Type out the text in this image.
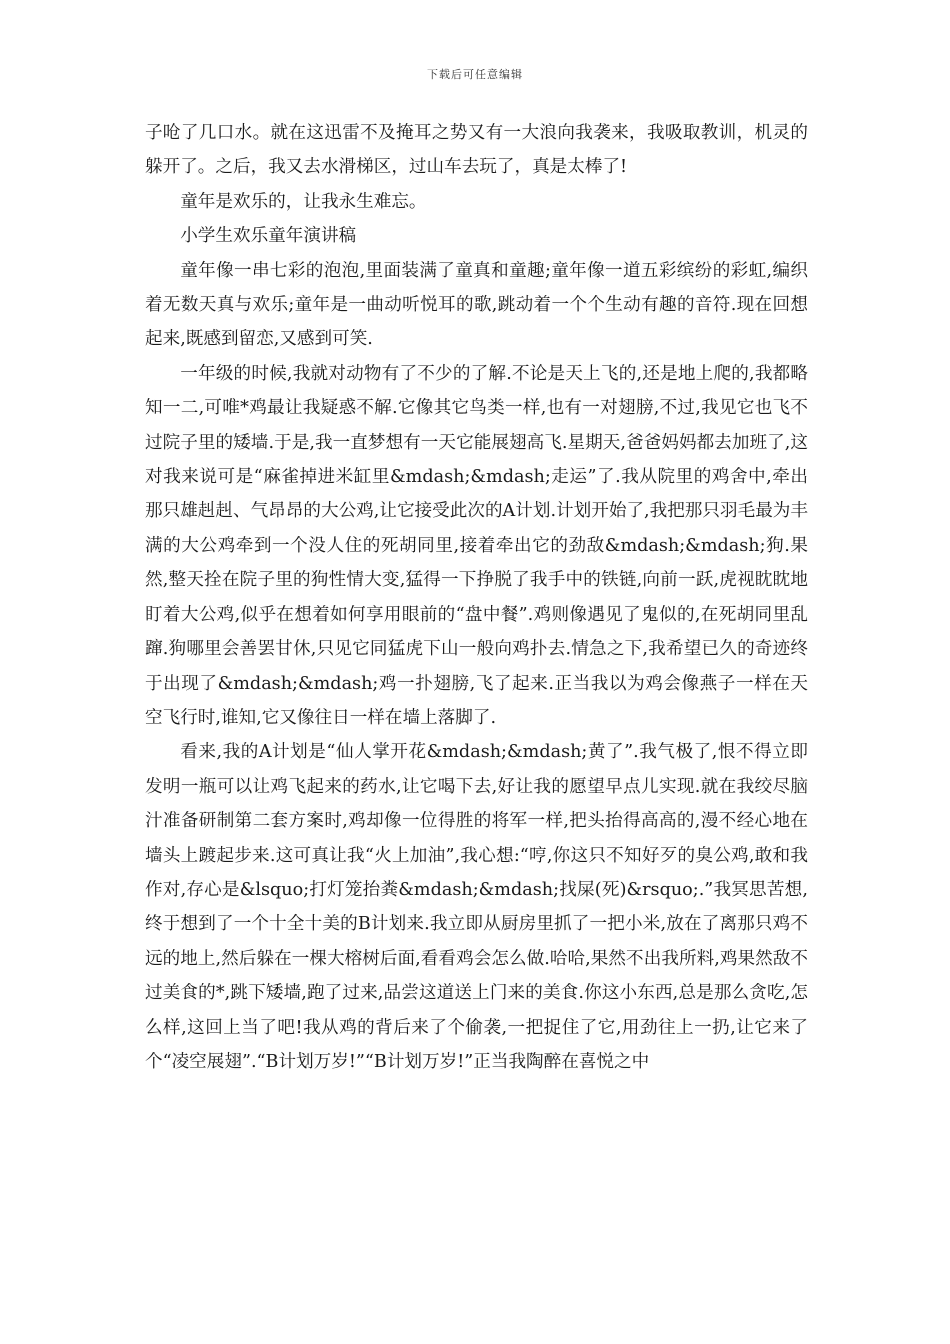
下载后可任意编辑

子呛了几口水。就在这迅雷不及掩耳之势又有一大浪向我袭来，我吸取教训，机灵的躲开了。之后，我又去水滑梯区，过山车去玩了，真是太棒了!

童年是欢乐的，让我永生难忘。

小学生欢乐童年演讲稿

童年像一串七彩的泡泡,里面装满了童真和童趣;童年像一道五彩缤纷的彩虹,编织着无数天真与欢乐;童年是一曲动听悦耳的歌,跳动着一个个生动有趣的音符.现在回想起来,既感到留恋,又感到可笑.

一年级的时候,我就对动物有了不少的了解.不论是天上飞的,还是地上爬的,我都略知一二,可唯*鸡最让我疑惑不解.它像其它鸟类一样,也有一对翅膀,不过,我见它也飞不过院子里的矮墙.于是,我一直梦想有一天它能展翅高飞.星期天,爸爸妈妈都去加班了,这对我来说可是“麻雀掉进米缸里&mdash;&mdash;走运”了.我从院里的鸡舍中,牵出那只雄赳赳、气昂昂的大公鸡,让它接受此次的A计划.计划开始了,我把那只羽毛最为丰满的大公鸡牵到一个没人住的死胡同里,接着牵出它的劲敌&mdash;&mdash;狗.果然,整天拴在院子里的狗性情大变,猛得一下挣脱了我手中的铁链,向前一跃,虎视眈眈地盯着大公鸡,似乎在想着如何享用眼前的“盘中餐”.鸡则像遇见了鬼似的,在死胡同里乱蹿.狗哪里会善罢甘休,只见它同猛虎下山一般向鸡扑去.情急之下,我希望已久的奇迹终于出现了&mdash;&mdash;鸡一扑翅膀,飞了起来.正当我以为鸡会像燕子一样在天空飞行时,谁知,它又像往日一样在墙上落脚了.

看来,我的A计划是“仙人掌开花&mdash;&mdash;黄了”.我气极了,恨不得立即发明一瓶可以让鸡飞起来的药水,让它喝下去,好让我的愿望早点儿实现.就在我绞尽脑汁准备研制第二套方案时,鸡却像一位得胜的将军一样,把头抬得高高的,漫不经心地在墙头上踱起步来.这可真让我“火上加油”,我心想:“哼,你这只不知好歹的臭公鸡,敢和我作对,存心是&lsquo;打灯笼抬粪&mdash;&mdash;找屎(死)&rsquo;.”我冥思苦想,终于想到了一个十全十美的B计划来.我立即从厨房里抓了一把小米,放在了离那只鸡不远的地上,然后躲在一棵大榕树后面,看看鸡会怎么做.哈哈,果然不出我所料,鸡果然敌不过美食的*,跳下矮墙,跑了过来,品尝这道送上门来的美食.你这小东西,总是那么贪吃,怎么样,这回上当了吧!我从鸡的背后来了个偷袭,一把捉住了它,用劲往上一扔,让它来了个“凌空展翅”.“B计划万岁!”“B计划万岁!”正当我陶醉在喜悦之中
